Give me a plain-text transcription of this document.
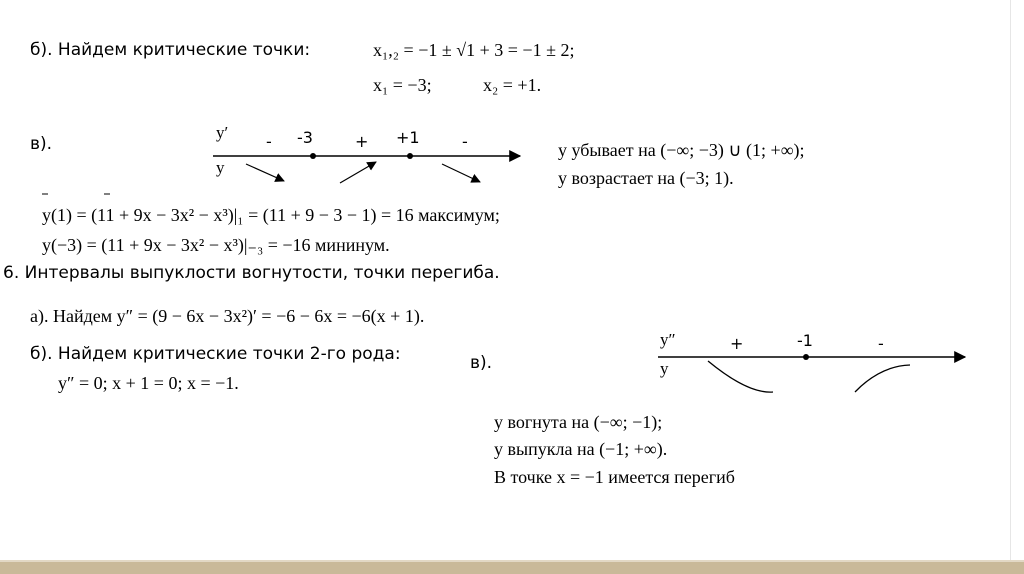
б). Найдем критические точки:	x₁,₂ = −1 ± √1 + 3 = −1 ± 2;
x₁ = −3;	x₂ = +1.
в).
y′
y
-	+	-
-3	+1
y убывает на (−∞; −3) ∪ (1; +∞);
y возрастает на (−3; 1).
y(1) = (11 + 9x − 3x² − x³)|₁ = (11 + 9 − 3 − 1) = 16 максимум;
y(−3) = (11 + 9x − 3x² − x³)|₋₃ = −16 мининум.
6. Интервалы выпуклости вогнутости, точки перегиба.
а). Найдем y″ = (9 − 6x − 3x²)′ = −6 − 6x = −6(x + 1).
б). Найдем критические точки 2-го рода:
y″ = 0; x + 1 = 0; x = −1.
в).
y″
y
+	-
-1
y вогнута на (−∞; −1);
y выпукла на (−1; +∞).
В точке x = −1 имеется перегиб
